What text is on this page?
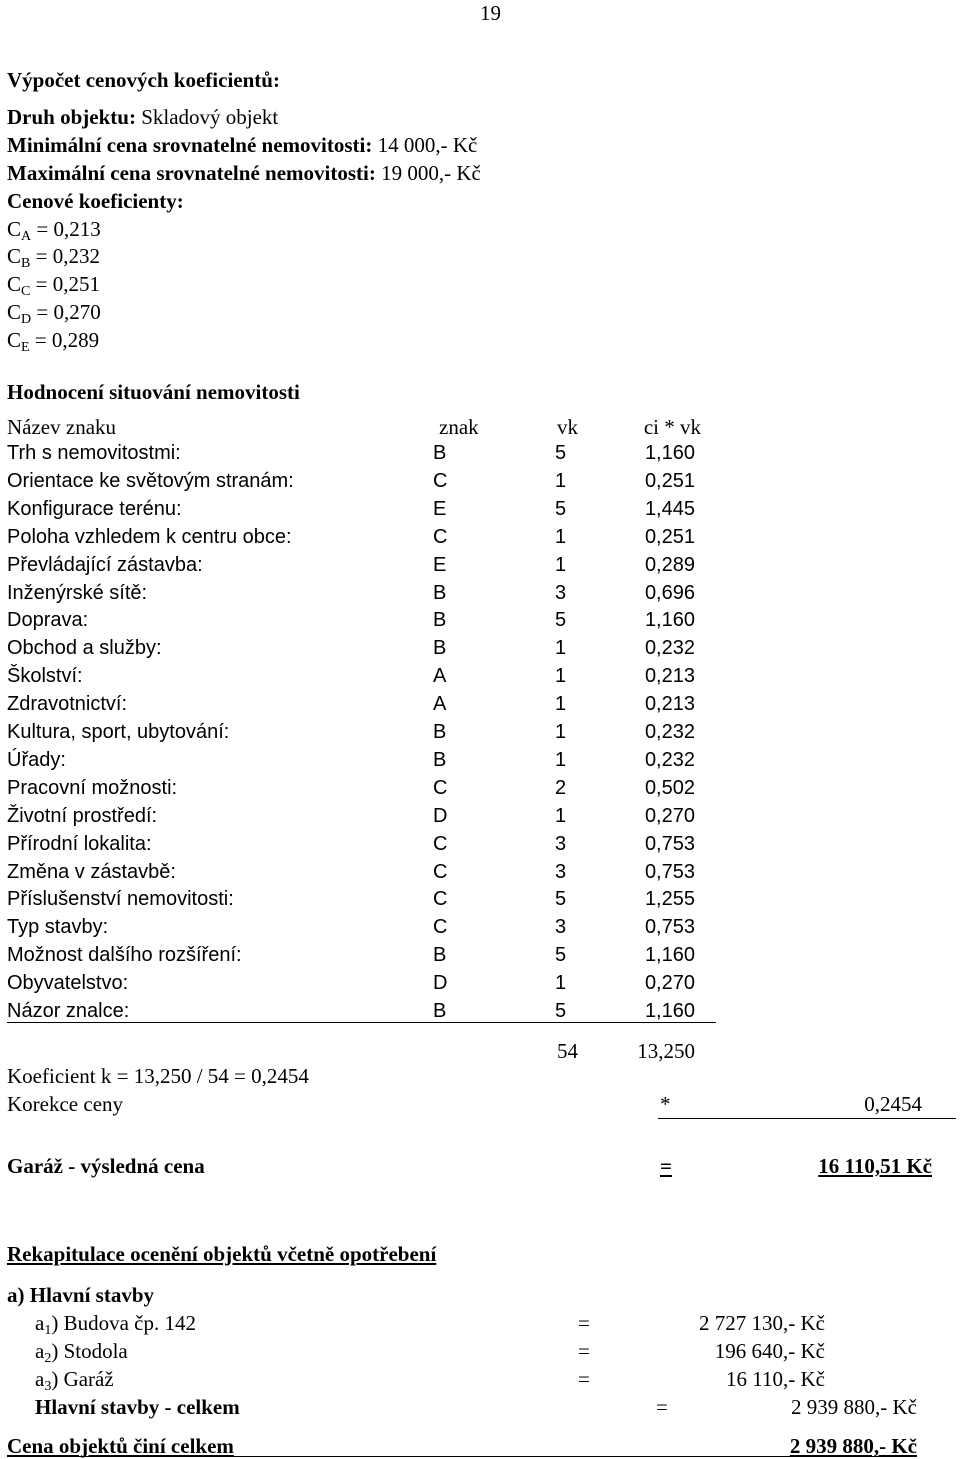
19
Výpočet cenových koeficientů:
Druh objektu: Skladový objekt
Minimální cena srovnatelné nemovitosti: 14 000,- Kč
Maximální cena srovnatelné nemovitosti: 19 000,- Kč
Cenové koeficienty:
$C_A = 0,213$
$C_B = 0,232$
$C_C = 0,251$
$C_D = 0,270$
$C_E = 0,289$
Hodnocení situování nemovitosti
Název znaku	znak	vk	ci * vk
Trh s nemovitostmi:	B	5	1,160
Orientace ke světovým stranám:	C	1	0,251
Konfigurace terénu:	E	5	1,445
Poloha vzhledem k centru obce:	C	1	0,251
Převládající zástavba:	E	1	0,289
Inženýrské sítě:	B	3	0,696
Doprava:	B	5	1,160
Obchod a služby:	B	1	0,232
Školství:	A	1	0,213
Zdravotnictví:	A	1	0,213
Kultura, sport, ubytování:	B	1	0,232
Úřady:	B	1	0,232
Pracovní možnosti:	C	2	0,502
Životní prostředí:	D	1	0,270
Přírodní lokalita:	C	3	0,753
Změna v zástavbě:	C	3	0,753
Příslušenství nemovitosti:	C	5	1,255
Typ stavby:	C	3	0,753
Možnost dalšího rozšíření:	B	5	1,160
Obyvatelstvo:	D	1	0,270
Názor znalce:	B	5	1,160
54	13,250
Koeficient k = 13,250 / 54 = 0,2454
Korekce ceny	*	0,2454
Garáž - výsledná cena	=	16 110,51 Kč
Rekapitulace ocenění objektů včetně opotřebení
a) Hlavní stavby
$a_1$) Budova čp. 142	=	2 727 130,- Kč
$a_2$) Stodola	=	196 640,- Kč
$a_3$) Garáž	=	16 110,- Kč
Hlavní stavby - celkem	=	2 939 880,- Kč
Cena objektů činí celkem	2 939 880,- Kč
